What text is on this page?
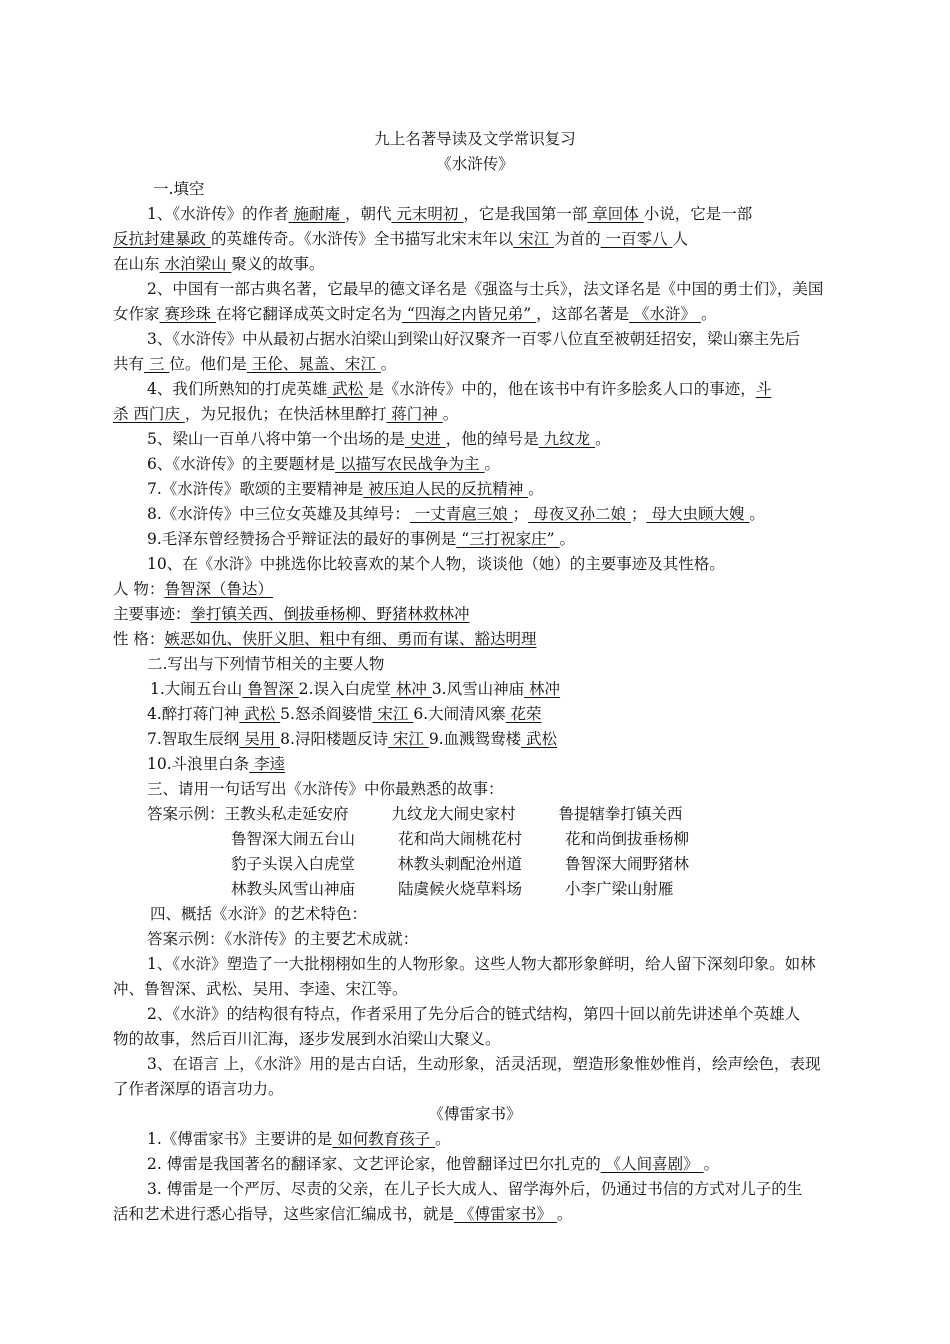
九上名著导读及文学常识复习
《水浒传》
一.填空
1、《水浒传》的作者 施耐庵 ，朝代 元末明初 ，它是我国第一部 章回体 小说，它是一部
反抗封建暴政 的英雄传奇。《水浒传》全书描写北宋末年以 宋江 为首的 一百零八 人
在山东 水泊梁山 聚义的故事。
2、中国有一部古典名著，它最早的德文译名是《强盗与士兵》，法文译名是《中国的勇士们》，美国
女作家 赛珍珠 在将它翻译成英文时定名为 “四海之内皆兄弟” ，这部名著是 《水浒》 。
3、《水浒传》中从最初占据水泊梁山到梁山好汉聚齐一百零八位直至被朝廷招安，梁山寨主先后
共有 三 位。他们是 王伦、晁盖、宋江 。
4、我们所熟知的打虎英雄 武松 是《水浒传》中的，他在该书中有许多脍炙人口的事迹，斗
杀 西门庆 ，为兄报仇；在快活林里醉打 蒋门神 。
5、梁山一百单八将中第一个出场的是 史进 ，他的绰号是 九纹龙 。
6、《水浒传》的主要题材是 以描写农民战争为主 。
7.《水浒传》歌颂的主要精神是 被压迫人民的反抗精神 。
8.《水浒传》中三位女英雄及其绰号： 一丈青扈三娘 ； 母夜叉孙二娘 ； 母大虫顾大嫂 。
9.毛泽东曾经赞扬合乎辩证法的最好的事例是 “三打祝家庄” 。
10、在《水浒》中挑选你比较喜欢的某个人物，谈谈他（她）的主要事迹及其性格。
人 物：鲁智深（鲁达）
主要事迹：拳打镇关西、倒拔垂杨柳、野猪林救林冲
性 格：嫉恶如仇、侠肝义胆、粗中有细、勇而有谋、豁达明理
二.写出与下列情节相关的主要人物
1.大闹五台山 鲁智深 2.误入白虎堂 林冲 3.风雪山神庙 林冲
4.醉打蒋门神 武松 5.怒杀阎婆惜 宋江 6.大闹清风寨 花荣
7.智取生辰纲 吴用 8.浔阳楼题反诗 宋江 9.血溅鸳鸯楼 武松
10.斗浪里白条 李逵
三、请用一句话写出《水浒传》中你最熟悉的故事：
答案示例：王教头私走延安府	九纹龙大闹史家村	鲁提辖拳打镇关西
鲁智深大闹五台山	花和尚大闹桃花村	花和尚倒拔垂杨柳
豹子头误入白虎堂	林教头刺配沧州道	鲁智深大闹野猪林
林教头风雪山神庙	陆虞候火烧草料场	小李广梁山射雁
四、概括《水浒》的艺术特色：
答案示例：《水浒传》的主要艺术成就：
1、《水浒》塑造了一大批栩栩如生的人物形象。这些人物大都形象鲜明，给人留下深刻印象。如林
冲、鲁智深、武松、吴用、李逵、宋江等。
2、《水浒》的结构很有特点，作者采用了先分后合的链式结构，第四十回以前先讲述单个英雄人
物的故事，然后百川汇海，逐步发展到水泊梁山大聚义。
3、在语言 上，《水浒》用的是古白话，生动形象，活灵活现，塑造形象惟妙惟肖，绘声绘色，表现
了作者深厚的语言功力。
《傅雷家书》
1.《傅雷家书》主要讲的是 如何教育孩子 。
2. 傅雷是我国著名的翻译家、文艺评论家，他曾翻译过巴尔扎克的 《人间喜剧》 。
3. 傅雷是一个严厉、尽责的父亲，在儿子长大成人、留学海外后，仍通过书信的方式对儿子的生
活和艺术进行悉心指导，这些家信汇编成书，就是 《傅雷家书》 。
